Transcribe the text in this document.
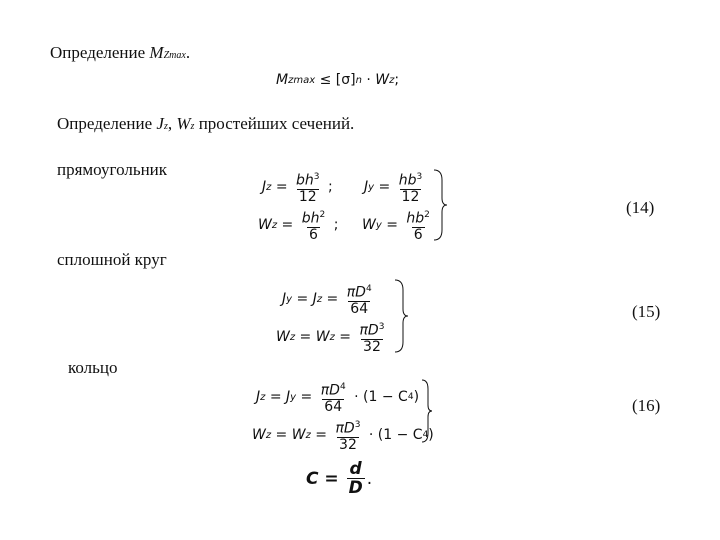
Определение MZmax.
M zmax
≤ [σ] n
·
W z ;
Определение Jz, Wz простейших сечений.
прямоугольник
J $z = \frac{bh^3}{12}$
; J $y = \frac{hb^3}{12}$
W $z = \frac{bh^2}{6}$
; W $y = \frac{hb^2}{6}$
(14)
сплошной круг
J y = J $z = \frac{\pi D^4}{64}$
W z = W $z = \frac{\pi D^3}{32}$
(15)
кольцо
J z = J $y = \frac{\pi D^4}{64}$
· (1 − C 4 )
W z = W $z = \frac{\pi D^3}{32}$
· (1 − C 4 )
(16)
$C = \frac{d}{D}$ .
